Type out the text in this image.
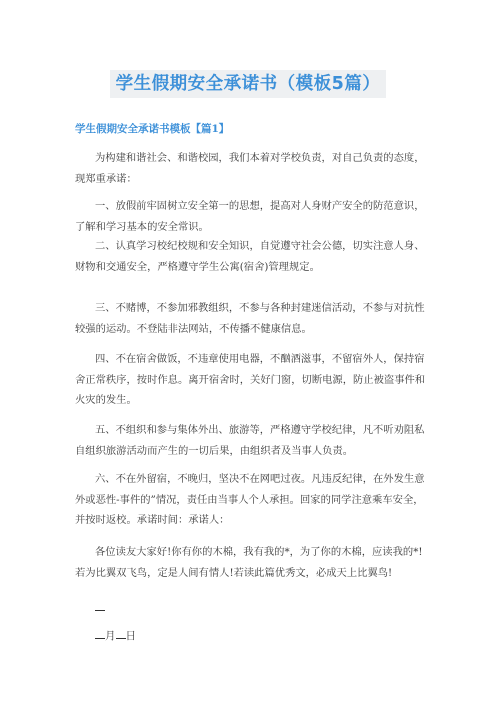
学生假期安全承诺书（模板5篇）
学生假期安全承诺书模板【篇1】

为构建和谐社会、和谐校园，我们本着对学校负责，对自己负责的态度，现郑重承诺：

一、放假前牢固树立安全第一的思想，提高对人身财产安全的防范意识，了解和学习基本的安全常识。

二、认真学习校纪校规和安全知识，自觉遵守社会公德，切实注意人身、财物和交通安全，严格遵守学生公寓(宿舍)管理规定。

三、不赌博，不参加邪教组织，不参与各种封建迷信活动，不参与对抗性较强的运动。不登陆非法网站，不传播不健康信息。

四、不在宿舍做饭，不违章使用电器，不酗酒滋事，不留宿外人，保持宿舍正常秩序，按时作息。离开宿舍时，关好门窗，切断电源，防止被盗事件和火灾的发生。

五、不组织和参与集体外出、旅游等，严格遵守学校纪律，凡不听劝阻私自组织旅游活动而产生的一切后果，由组织者及当事人负责。

六、不在外留宿，不晚归，坚决不在网吧过夜。凡违反纪律，在外发生意外或恶性-事件的”情况，责任由当事人个人承担。回家的同学注意乘车安全，并按时返校。承诺时间：承诺人：

各位读友大家好!你有你的木棉，我有我的*，为了你的木棉，应读我的*!若为比翼双飞鸟，定是人间有情人!若读此篇优秀文，必成天上比翼鸟!

月 日
